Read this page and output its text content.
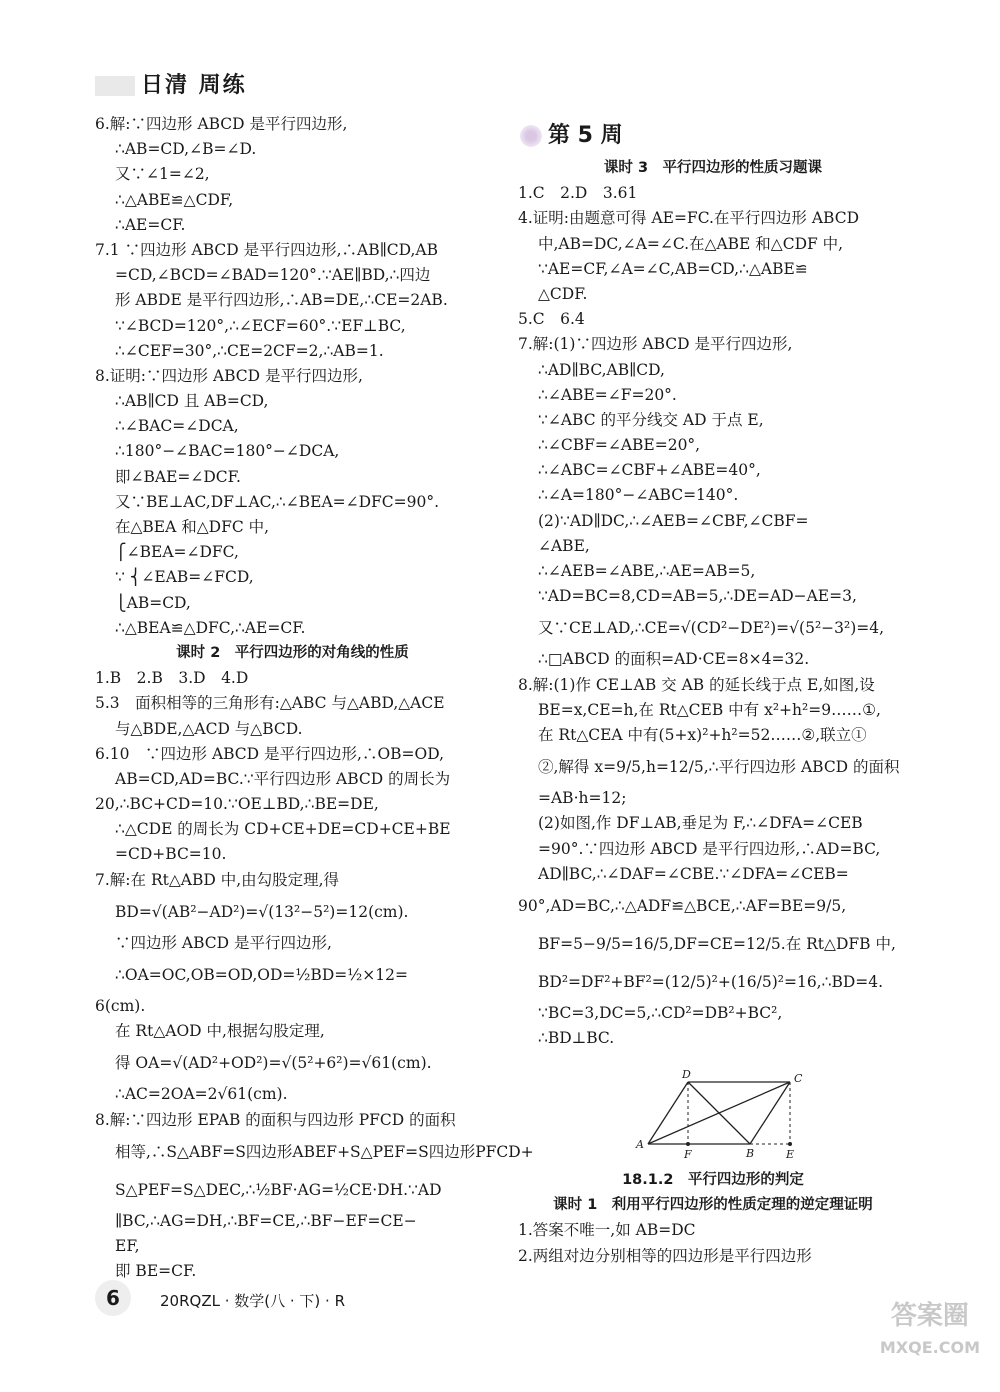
日清 周练
6.解:∵四边形 ABCD 是平行四边形,
∴AB=CD,∠B=∠D.
又∵∠1=∠2,
∴△ABE≌△CDF,
∴AE=CF.
7.1 ∵四边形 ABCD 是平行四边形,∴AB∥CD,AB
=CD,∠BCD=∠BAD=120°.∵AE∥BD,∴四边
形 ABDE 是平行四边形,∴AB=DE,∴CE=2AB.
∵∠BCD=120°,∴∠ECF=60°.∵EF⊥BC,
∴∠CEF=30°,∴CE=2CF=2,∴AB=1.
8.证明:∵四边形 ABCD 是平行四边形,
∴AB∥CD 且 AB=CD,
∴∠BAC=∠DCA,
∴180°−∠BAC=180°−∠DCA,
即∠BAE=∠DCF.
又∵BE⊥AC,DF⊥AC,∴∠BEA=∠DFC=90°.
在△BEA 和△DFC 中,
⎧∠BEA=∠DFC,
∵ ⎨∠EAB=∠FCD,
⎩AB=CD,
∴△BEA≌△DFC,∴AE=CF.
课时 2　平行四边形的对角线的性质
1.B　2.B　3.D　4.D
5.3　面积相等的三角形有:△ABC 与△ABD,△ACE
与△BDE,△ACD 与△BCD.
6.10　∵四边形 ABCD 是平行四边形,∴OB=OD,
AB=CD,AD=BC.∵平行四边形 ABCD 的周长为
20,∴BC+CD=10.∵OE⊥BD,∴BE=DE,
∴△CDE 的周长为 CD+CE+DE=CD+CE+BE
=CD+BC=10.
7.解:在 Rt△ABD 中,由勾股定理,得
BD=√(AB²−AD²)=√(13²−5²)=12(cm).
∵四边形 ABCD 是平行四边形,
∴OA=OC,OB=OD,OD=½BD=½×12=
6(cm).
在 Rt△AOD 中,根据勾股定理,
得 OA=√(AD²+OD²)=√(5²+6²)=√61(cm).
∴AC=2OA=2√61(cm).
8.解:∵四边形 EPAB 的面积与四边形 PFCD 的面积
相等,∴S△ABF=S四边形ABEF+S△PEF=S四边形PFCD+
S△PEF=S△DEC,∴½BF·AG=½CE·DH.∵AD
∥BC,∴AG=DH,∴BF=CE,∴BF−EF=CE−
EF,
即 BE=CF.
第 5 周
课时 3　平行四边形的性质习题课
1.C　2.D　3.61
4.证明:由题意可得 AE=FC.在平行四边形 ABCD
中,AB=DC,∠A=∠C.在△ABE 和△CDF 中,
∵AE=CF,∠A=∠C,AB=CD,∴△ABE≌
△CDF.
5.C　6.4
7.解:(1)∵四边形 ABCD 是平行四边形,
∴AD∥BC,AB∥CD,
∴∠ABE=∠F=20°.
∵∠ABC 的平分线交 AD 于点 E,
∴∠CBF=∠ABE=20°,
∴∠ABC=∠CBF+∠ABE=40°,
∴∠A=180°−∠ABC=140°.
(2)∵AD∥DC,∴∠AEB=∠CBF,∠CBF=
∠ABE,
∴∠AEB=∠ABE,∴AE=AB=5,
∵AD=BC=8,CD=AB=5,∴DE=AD−AE=3,
又∵CE⊥AD,∴CE=√(CD²−DE²)=√(5²−3²)=4,
∴□ABCD 的面积=AD·CE=8×4=32.
8.解:(1)作 CE⊥AB 交 AB 的延长线于点 E,如图,设
BE=x,CE=h,在 Rt△CEB 中有 x²+h²=9……①,
在 Rt△CEA 中有(5+x)²+h²=52……②,联立①
②,解得 x=9/5,h=12/5,∴平行四边形 ABCD 的面积
=AB·h=12;
(2)如图,作 DF⊥AB,垂足为 F,∴∠DFA=∠CEB
=90°.∵四边形 ABCD 是平行四边形,∴AD=BC,
AD∥BC,∴∠DAF=∠CBE.∵∠DFA=∠CEB=
90°,AD=BC,∴△ADF≌△BCE,∴AF=BE=9/5,
BF=5−9/5=16/5,DF=CE=12/5.在 Rt△DFB 中,
BD²=DF²+BF²=(12/5)²+(16/5)²=16,∴BD=4.
∵BC=3,DC=5,∴CD²=DB²+BC²,
∴BD⊥BC.
A
B
C
D
E
F
18.1.2　平行四边形的判定
课时 1　利用平行四边形的性质定理的逆定理证明
1.答案不唯一,如 AB=DC
2.两组对边分别相等的四边形是平行四边形
6	20RQZL · 数学(八 · 下) · R	答案圈
MXQE.COM
